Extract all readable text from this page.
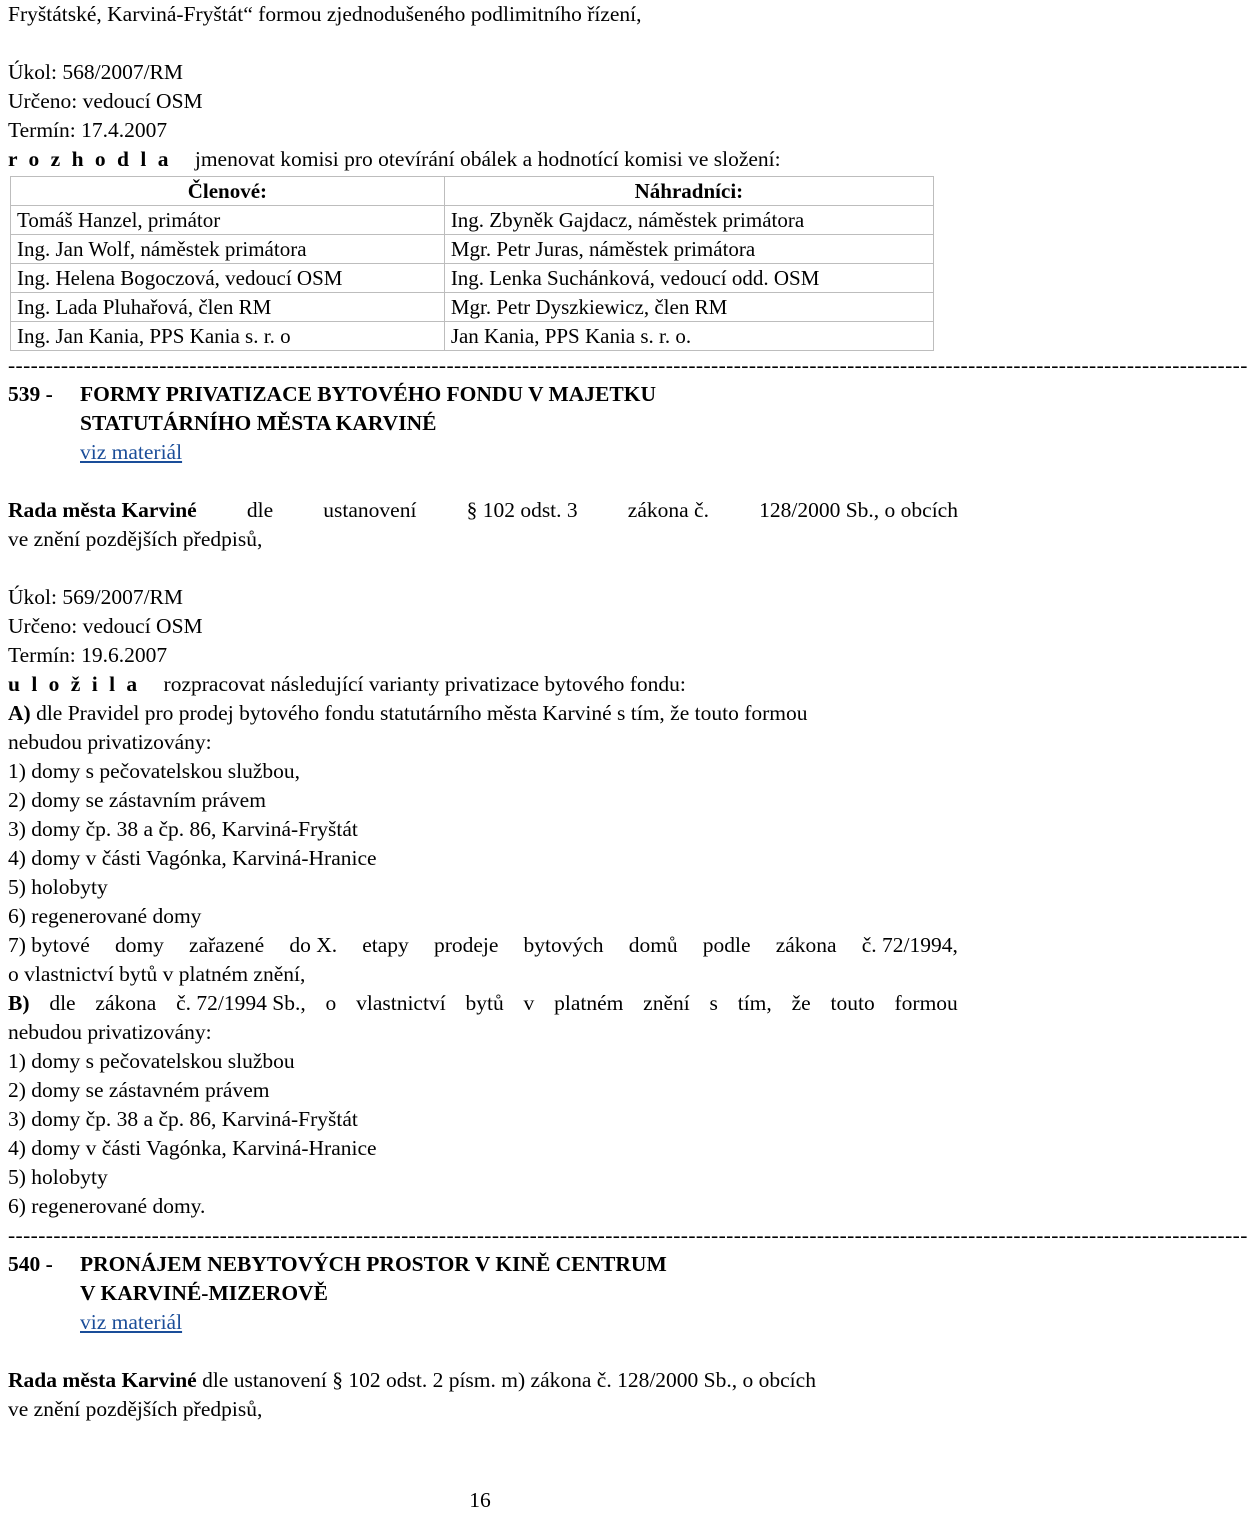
Fryštátské, Karviná-Fryštát“ formou zjednodušeného podlimitního řízení,
Úkol: 568/2007/RM
Určeno: vedoucí OSM
Termín: 17.4.2007
r o z h o d l a jmenovat komisi pro otevírání obálek a hodnotící komisi ve složení:
Členové:	Náhradníci:
Tomáš Hanzel, primátor	Ing. Zbyněk Gajdacz, náměstek primátora
Ing. Jan Wolf, náměstek primátora	Mgr. Petr Juras, náměstek primátora
Ing. Helena Bogoczová, vedoucí OSM	Ing. Lenka Suchánková, vedoucí odd. OSM
Ing. Lada Pluhařová, člen RM	Mgr. Petr Dyszkiewicz, člen RM
Ing. Jan Kania, PPS Kania s. r. o	Jan Kania, PPS Kania s. r. o.
--------------------------------------------------------------------------------------------------------------------------------------------------------------------
539 -	FORMY PRIVATIZACE BYTOVÉHO FONDU V MAJETKU
STATUTÁRNÍHO MĚSTA KARVINÉ
viz materiál
Rada města Karviné dle ustanovení § 102 odst. 3 zákona č. 128/2000 Sb., o obcích
ve znění pozdějších předpisů,
Úkol: 569/2007/RM
Určeno: vedoucí OSM
Termín: 19.6.2007
u l o ž i l a rozpracovat následující varianty privatizace bytového fondu:
A) dle Pravidel pro prodej bytového fondu statutárního města Karviné s tím, že touto formou
nebudou privatizovány:
1) domy s pečovatelskou službou,
2) domy se zástavním právem
3) domy čp. 38 a čp. 86, Karviná-Fryštát
4) domy v části Vagónka, Karviná-Hranice
5) holobyty
6) regenerované domy
7) bytové domy zařazené do X. etapy prodeje bytových domů podle zákona č. 72/1994,
o vlastnictví bytů v platném znění,
B) dle zákona č. 72/1994 Sb., o vlastnictví bytů v platném znění s tím, že touto formou
nebudou privatizovány:
1) domy s pečovatelskou službou
2) domy se zástavném právem
3) domy čp. 38 a čp. 86, Karviná-Fryštát
4) domy v části Vagónka, Karviná-Hranice
5) holobyty
6) regenerované domy.
--------------------------------------------------------------------------------------------------------------------------------------------------------------------
540 -	PRONÁJEM NEBYTOVÝCH PROSTOR V KINĚ CENTRUM
V KARVINÉ-MIZEROVĚ
viz materiál
Rada města Karviné dle ustanovení § 102 odst. 2 písm. m) zákona č. 128/2000 Sb., o obcích
ve znění pozdějších předpisů,
16
